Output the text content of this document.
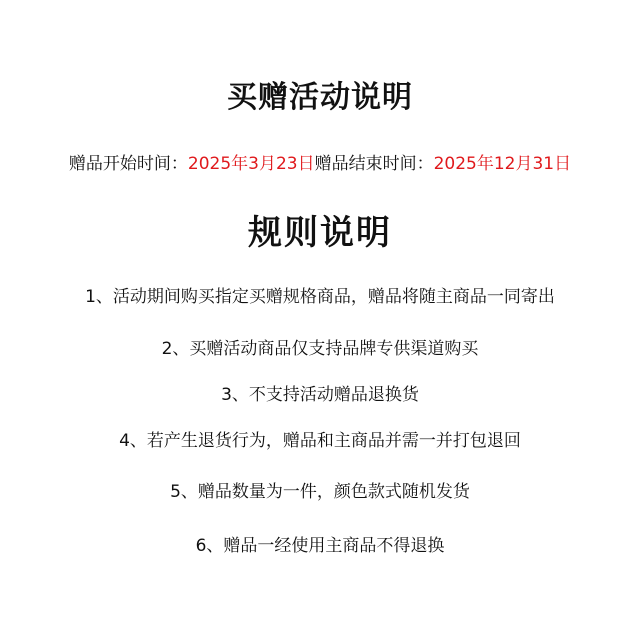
买赠活动说明
赠品开始时间：2025年3月23日赠品结束时间：2025年12月31日
规则说明
1、活动期间购买指定买赠规格商品，赠品将随主商品一同寄出
2、买赠活动商品仅支持品牌专供渠道购买
3、不支持活动赠品退换货
4、若产生退货行为，赠品和主商品并需一并打包退回
5、赠品数量为一件，颜色款式随机发货
6、赠品一经使用主商品不得退换
